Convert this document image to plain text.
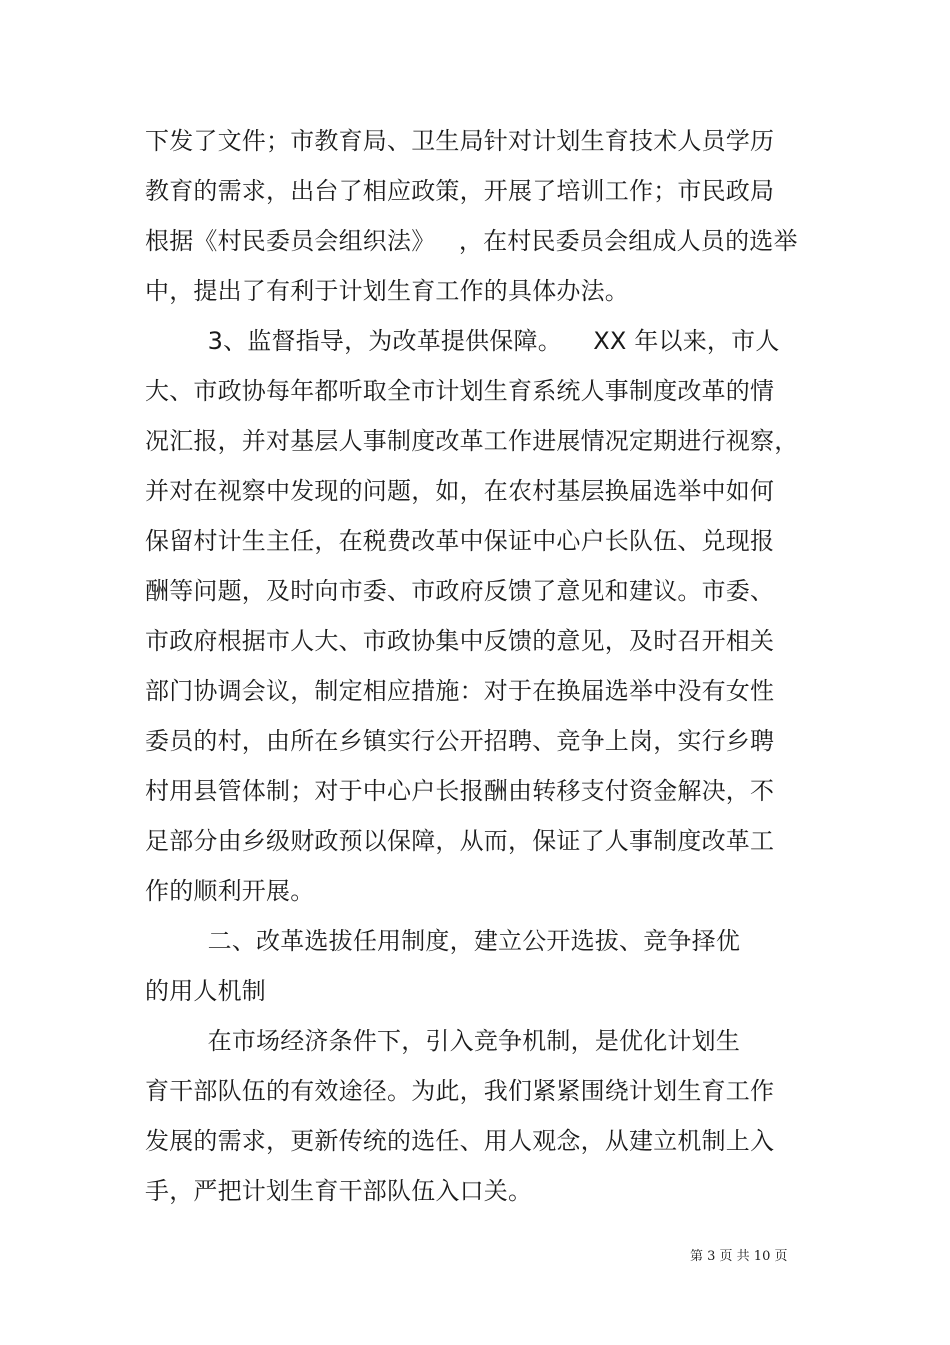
下发了文件；市教育局、卫生局针对计划生育技术人员学历
教育的需求，出台了相应政策，开展了培训工作；市民政局
根据《村民委员会组织法》   ，在村民委员会组成人员的选举
中，提出了有利于计划生育工作的具体办法。
3、监督指导，为改革提供保障。    XX 年以来，市人
大、市政协每年都听取全市计划生育系统人事制度改革的情
况汇报，并对基层人事制度改革工作进展情况定期进行视察，
并对在视察中发现的问题，如，在农村基层换届选举中如何
保留村计生主任，在税费改革中保证中心户长队伍、兑现报
酬等问题，及时向市委、市政府反馈了意见和建议。市委、
市政府根据市人大、市政协集中反馈的意见，及时召开相关
部门协调会议，制定相应措施：对于在换届选举中没有女性
委员的村，由所在乡镇实行公开招聘、竞争上岗，实行乡聘
村用县管体制；对于中心户长报酬由转移支付资金解决，不
足部分由乡级财政预以保障，从而，保证了人事制度改革工
作的顺利开展。
二、改革选拔任用制度，建立公开选拔、竞争择优
的用人机制
在市场经济条件下，引入竞争机制，是优化计划生
育干部队伍的有效途径。为此，我们紧紧围绕计划生育工作
发展的需求，更新传统的选任、用人观念，从建立机制上入
手，严把计划生育干部队伍入口关。
第 3 页 共 10 页
